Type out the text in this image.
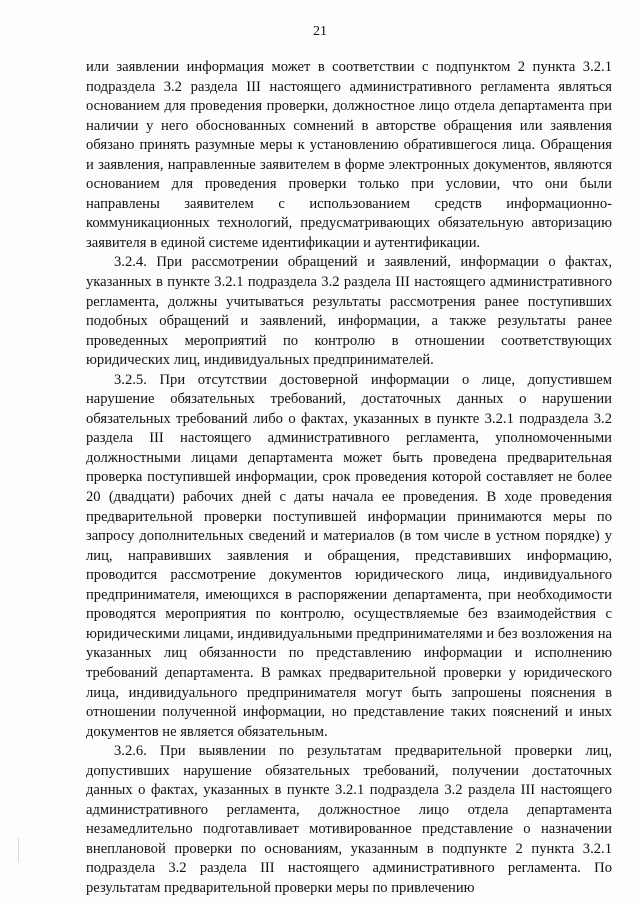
21

или заявлении информация может в соответствии с подпунктом 2 пункта 3.2.1 подраздела 3.2 раздела III настоящего административного регламента являться основанием для проведения проверки, должностное лицо отдела департамента при наличии у него обоснованных сомнений в авторстве обращения или заявления обязано принять разумные меры к установлению обратившегося лица. Обращения и заявления, направленные заявителем в форме электронных документов, являются основанием для проведения проверки только при условии, что они были направлены заявителем с использованием средств информационно-коммуникационных технологий, предусматривающих обязательную авторизацию заявителя в единой системе идентификации и аутентификации.

3.2.4. При рассмотрении обращений и заявлений, информации о фактах, указанных в пункте 3.2.1 подраздела 3.2 раздела III настоящего административного регламента, должны учитываться результаты рассмотрения ранее поступивших подобных обращений и заявлений, информации, а также результаты ранее проведенных мероприятий по контролю в отношении соответствующих юридических лиц, индивидуальных предпринимателей.

3.2.5. При отсутствии достоверной информации о лице, допустившем нарушение обязательных требований, достаточных данных о нарушении обязательных требований либо о фактах, указанных в пункте 3.2.1 подраздела 3.2 раздела III настоящего административного регламента, уполномоченными должностными лицами департамента может быть проведена предварительная проверка поступившей информации, срок проведения которой составляет не более 20 (двадцати) рабочих дней с даты начала ее проведения. В ходе проведения предварительной проверки поступившей информации принимаются меры по запросу дополнительных сведений и материалов (в том числе в устном порядке) у лиц, направивших заявления и обращения, представивших информацию, проводится рассмотрение документов юридического лица, индивидуального предпринимателя, имеющихся в распоряжении департамента, при необходимости проводятся мероприятия по контролю, осуществляемые без взаимодействия с юридическими лицами, индивидуальными предпринимателями и без возложения на указанных лиц обязанности по представлению информации и исполнению требований департамента. В рамках предварительной проверки у юридического лица, индивидуального предпринимателя могут быть запрошены пояснения в отношении полученной информации, но представление таких пояснений и иных документов не является обязательным.

3.2.6. При выявлении по результатам предварительной проверки лиц, допустивших нарушение обязательных требований, получении достаточных данных о фактах, указанных в пункте 3.2.1 подраздела 3.2 раздела III настоящего административного регламента, должностное лицо отдела департамента незамедлительно подготавливает мотивированное представление о назначении внеплановой проверки по основаниям, указанным в подпункте 2 пункта 3.2.1 подраздела 3.2 раздела III настоящего административного регламента. По результатам предварительной проверки меры по привлечению
